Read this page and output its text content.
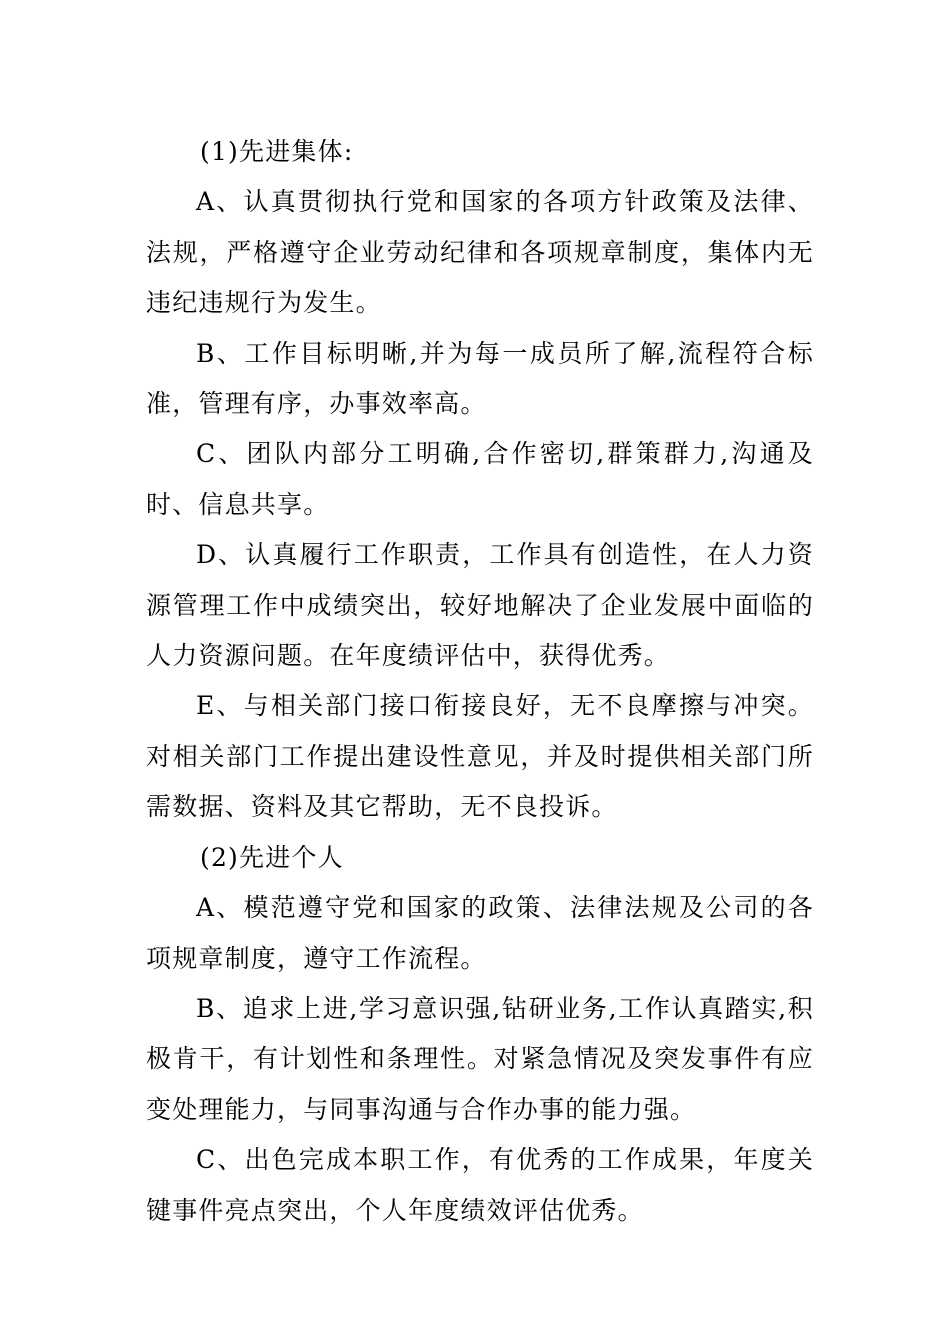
(1)先进集体:

A、认真贯彻执行党和国家的各项方针政策及法律、法规，严格遵守企业劳动纪律和各项规章制度，集体内无违纪违规行为发生。

B、工作目标明晰,并为每一成员所了解,流程符合标准，管理有序，办事效率高。

C、团队内部分工明确,合作密切,群策群力,沟通及时、信息共享。

D、认真履行工作职责，工作具有创造性，在人力资源管理工作中成绩突出，较好地解决了企业发展中面临的人力资源问题。在年度绩评估中，获得优秀。

E、与相关部门接口衔接良好，无不良摩擦与冲突。对相关部门工作提出建设性意见，并及时提供相关部门所需数据、资料及其它帮助，无不良投诉。

(2)先进个人

A、模范遵守党和国家的政策、法律法规及公司的各项规章制度，遵守工作流程。

B、追求上进,学习意识强,钻研业务,工作认真踏实,积极肯干，有计划性和条理性。对紧急情况及突发事件有应变处理能力，与同事沟通与合作办事的能力强。

C、出色完成本职工作，有优秀的工作成果，年度关键事件亮点突出，个人年度绩效评估优秀。
